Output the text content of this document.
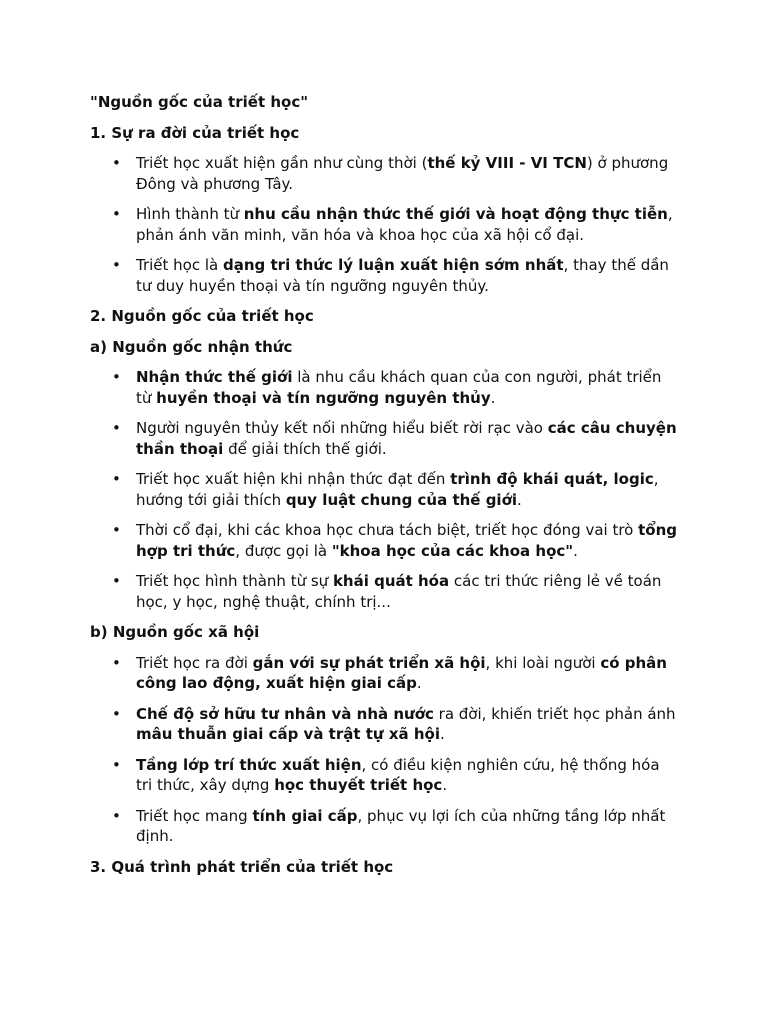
"Nguồn gốc của triết học"
1. Sự ra đời của triết học
• Triết học xuất hiện gần như cùng thời (thế kỷ VIII - VI TCN) ở phương Đông và phương Tây.
• Hình thành từ nhu cầu nhận thức thế giới và hoạt động thực tiễn, phản ánh văn minh, văn hóa và khoa học của xã hội cổ đại.
• Triết học là dạng tri thức lý luận xuất hiện sớm nhất, thay thế dần tư duy huyền thoại và tín ngưỡng nguyên thủy.
2. Nguồn gốc của triết học
a) Nguồn gốc nhận thức
• Nhận thức thế giới là nhu cầu khách quan của con người, phát triển từ huyền thoại và tín ngưỡng nguyên thủy.
• Người nguyên thủy kết nối những hiểu biết rời rạc vào các câu chuyện thần thoại để giải thích thế giới.
• Triết học xuất hiện khi nhận thức đạt đến trình độ khái quát, logic, hướng tới giải thích quy luật chung của thế giới.
• Thời cổ đại, khi các khoa học chưa tách biệt, triết học đóng vai trò tổng hợp tri thức, được gọi là "khoa học của các khoa học".
• Triết học hình thành từ sự khái quát hóa các tri thức riêng lẻ về toán học, y học, nghệ thuật, chính trị...
b) Nguồn gốc xã hội
• Triết học ra đời gắn với sự phát triển xã hội, khi loài người có phân công lao động, xuất hiện giai cấp.
• Chế độ sở hữu tư nhân và nhà nước ra đời, khiến triết học phản ánh mâu thuẫn giai cấp và trật tự xã hội.
• Tầng lớp trí thức xuất hiện, có điều kiện nghiên cứu, hệ thống hóa tri thức, xây dựng học thuyết triết học.
• Triết học mang tính giai cấp, phục vụ lợi ích của những tầng lớp nhất định.
3. Quá trình phát triển của triết học
